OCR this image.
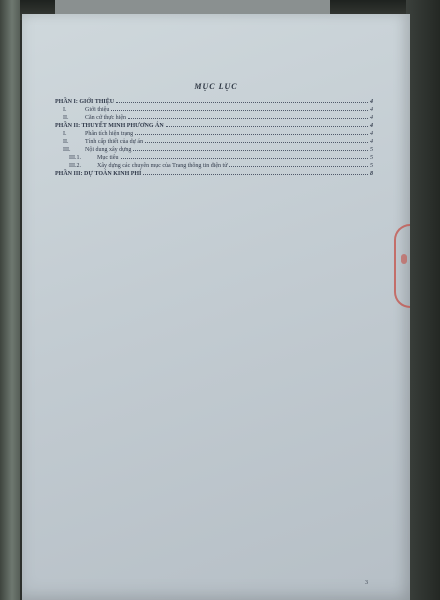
MỤC LỤC
PHẦN I: GIỚI THIỆU	4
I.	Giới thiệu	4
II.	Căn cứ thực hiện	4
PHẦN II: THUYẾT MINH PHƯƠNG ÁN	4
I.	Phân tích hiện trạng	4
II.	Tính cấp thiết của dự án	4
III.	Nội dung xây dựng	5
III.1.	Mục tiêu	5
III.2.	Xây dựng các chuyên mục của Trang thông tin điện tử	5
PHẦN III: DỰ TOÁN KINH PHÍ	8
3
